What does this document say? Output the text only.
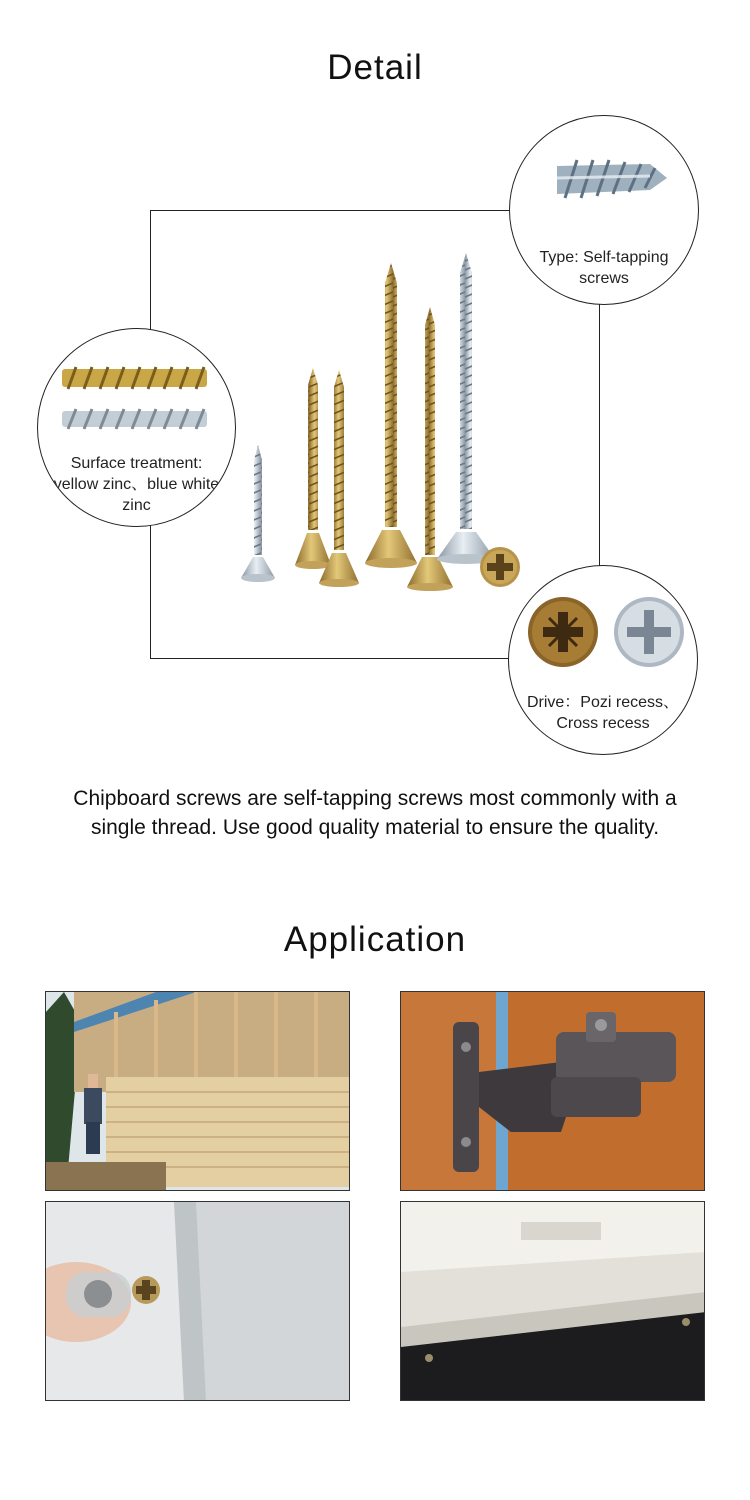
Detail
Type: Self-tapping screws
Surface treatment: yellow zinc、blue white zinc
Drive：Pozi recess、Cross recess
Chipboard screws are self-tapping screws most commonly with a single thread. Use good quality material to ensure the quality.
Application
